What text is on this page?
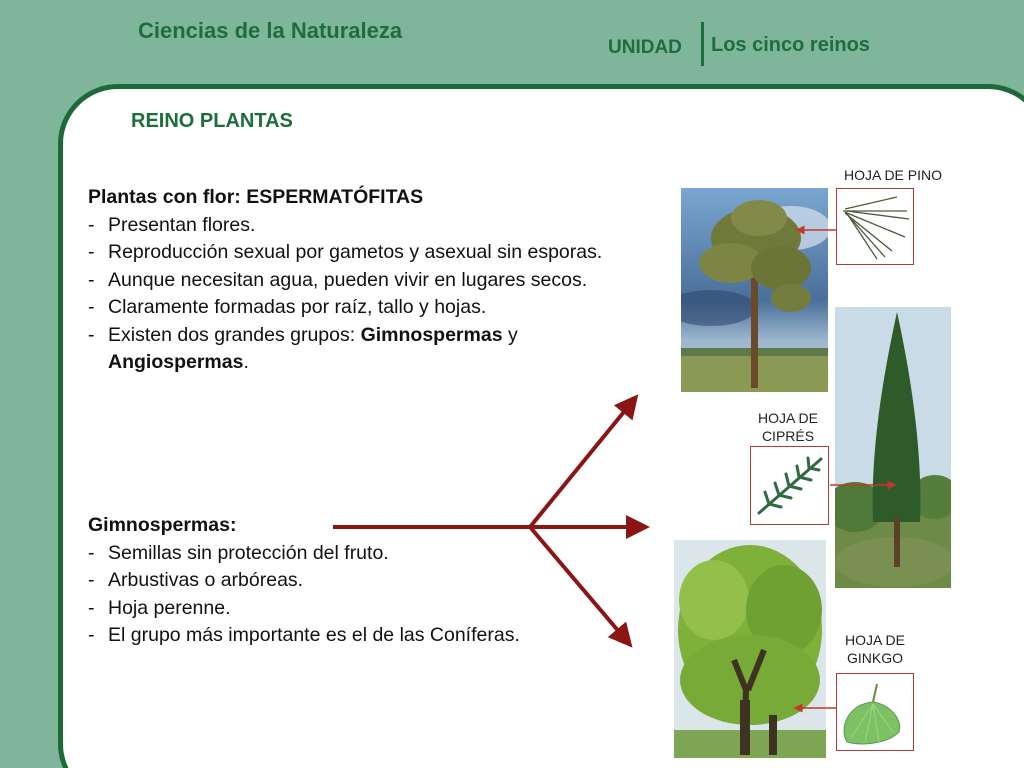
Ciencias de la Naturaleza
UNIDAD Los cinco reinos
REINO PLANTAS
Plantas con flor: ESPERMATÓFITAS
- Presentan flores.
- Reproducción sexual por gametos y asexual sin esporas.
- Aunque necesitan agua, pueden vivir en lugares secos.
- Claramente formadas por raíz, tallo y hojas.
- Existen dos grandes grupos: Gimnospermas y Angiospermas.
Gimnospermas:
- Semillas sin protección del fruto.
- Arbustivas o arbóreas.
- Hoja perenne.
- El grupo más importante es el de las Coníferas.
HOJA DE PINO
HOJA DE
CIPRÉS
HOJA DE
GINKGO
